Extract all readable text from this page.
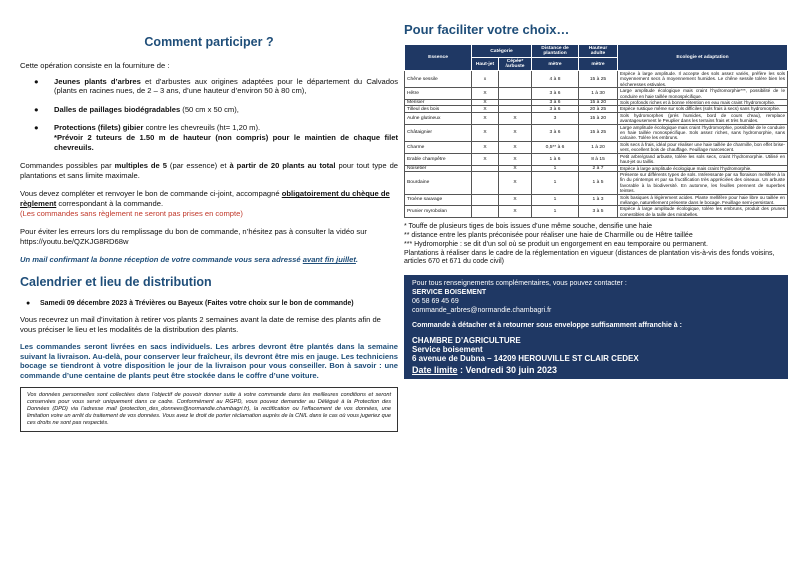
Comment participer ?

Cette opération consiste en la fourniture de :

● Jeunes plants d’arbres et d’arbustes aux origines adaptées pour le département du Calvados (plants en racines nues, de 2 – 3 ans, d’une hauteur d’environ 50 à 80 cm),

● Dalles de paillages biodégradables (50 cm x 50 cm),

● Protections (filets) gibier contre les chevreuils (ht= 1,20 m).
*Prévoir 2 tuteurs de 1.50 m de hauteur (non compris) pour le maintien de chaque filet chevreuils.

Commandes possibles par multiples de 5 (par essence) et à partir de 20 plants au total pour tout type de plantations et sans limite maximale.

Vous devez compléter et renvoyer le bon de commande ci-joint, accompagné obligatoirement du chèque de règlement correspondant à la commande.
(Les commandes sans règlement ne seront pas prises en compte)

Pour éviter les erreurs lors du remplissage du bon de commande, n’hésitez pas à consulter la vidéo sur https://youtu.be/QZKJG8RD68w

Un mail confirmant la bonne réception de votre commande vous sera adressé avant fin juillet.

Calendrier et lieu de distribution

● Samedi 09 décembre 2023 à Trévières ou Bayeux (Faites votre choix sur le bon de commande)

Vous recevrez un mail d’invitation à retirer vos plants 2 semaines avant la date de remise des plants afin de vous préciser le lieu et les modalités de la distribution des plants.

Les commandes seront livrées en sacs individuels. Les arbres devront être plantés dans la semaine suivant la livraison. Au-delà, pour conserver leur fraîcheur, ils devront être mis en jauge. Les techniciens bocage se tiendront à votre disposition le jour de la livraison pour vous conseiller. Bon à savoir : une commande d’une centaine de plants peut être stockée dans le coffre d’une voiture.

Vos données personnelles sont collectées dans l’objectif de pouvoir donner suite à votre commande dans les meilleures conditions et seront conservées pour vous servir uniquement dans ce cadre. Conformément au RGPD, vous pouvez demander au Délégué à la Protection des Données (DPD) via l’adresse mail (protection_des_donnees@normandie.chambagri.fr), la rectification ou l’effacement de vos données, une limitation voire un arrêt du traitement de vos données. Vous avez le droit de porter réclamation auprès de la CNIL dans le cas où vous jugeriez que ces droits ne sont pas respectés.
Pour faciliter votre choix…
Essence	Catégorie		Distance de plantation	Hauteur adulte	Ecologie et adaptation
	Haut-jet	Cépée* /arbuste	mètre	mètre	
Chêne sessile	x		4 à 8	15 à 25	Espèce à large amplitude. Il accepte des sols assez variés, préfère les sols moyennement secs à moyennement humides. Le chêne sessile tolère bien les sécheresses estivales.
Hêtre	X		3 à 6	1 à 30	Large amplitude écologique mais craint l’hydromorphie***, possibilité de le conduire en haie taillée monospécifique.
Merisier	X		3 à 6	15 à 20	Sols profonds riches et à bonne rétention en eau mais craint l’hydromorphie.
Tilleul des bois	X		3 à 6	20 à 25	Espèce rustique même sur sols difficiles (sols frais à secs) sans hydromorphie.
Aulne glutineux	X	X	3	15 à 20	Sols hydromorphes (prés humides, bord de cours d’eau), remplace avantageusement le Peuplier dans les terrains frais et très humides.
Châtaignier	X	X	3 à 6	15 à 25	Large amplitude écologique mais craint l’hydromorphie, possibilité de le conduire en haie taillée monospécifique. Sols assez riches, sans hydromorphie, sans calcaire. Tolère les embruns.
Charme	X	X	0,5** à 6	1 à 20	Sols secs à frais, idéal pour réaliser une haie taillée de charmille, bon effet brise-vent, excellent bois de chauffage. Feuillage marcescent.
Erable champêtre	X	X	1 à 6	8 à 15	Petit arbre/grand arbuste, tolère les sols secs, craint l’hydromorphie. Utilisé en haut-jet ou taillis.
Noisetier		X	1	2 à 7	Espèce à large amplitude écologique mais craint l’hydromorphie.
Bourdaine		X	1	1 à 5	Présente sur différents types de sols. Intéressante par sa floraison mellifère à la fin du printemps et par sa fructification très appréciées des oiseaux. Un arbuste favorable à la biodiversité. En automne, les feuilles prennent de superbes teintes.
Troène sauvage		X	1	1 à 3	Sols basiques à légèrement acides. Plante mellifère pour haie libre ou taillée en mélange, naturellement présente dans le bocage. Feuillage semi-persistant.
Prunier myrobolan		X	1	3 à 5	Espèce à large amplitude écologique, tolère les embruns, produit des prunes comestibles de la taille des mirabelles.

* Touffe de plusieurs tiges de bois issues d’une même souche, densifie une haie

** distance entre les plants préconisée pour réaliser une haie de Charmille ou de Hêtre taillée

*** Hydromorphie : se dit d’un sol où se produit un engorgement en eau temporaire ou permanent.

Plantations à réaliser dans le cadre de la réglementation en vigueur (distances de plantation vis-à-vis des fonds voisins, articles 670 et 671 du code civil)

Pour tous renseignements complémentaires, vous pouvez contacter :
SERVICE BOISEMENT
06 58 69 45 69
commande_arbres@normandie.chambagri.fr
Commande à détacher et à retourner sous enveloppe suffisamment affranchie à :
CHAMBRE D’AGRICULTURE
Service boisement
6 avenue de Dubna – 14209 HEROUVILLE ST CLAIR CEDEX
Date limite : Vendredi 30 juin 2023
